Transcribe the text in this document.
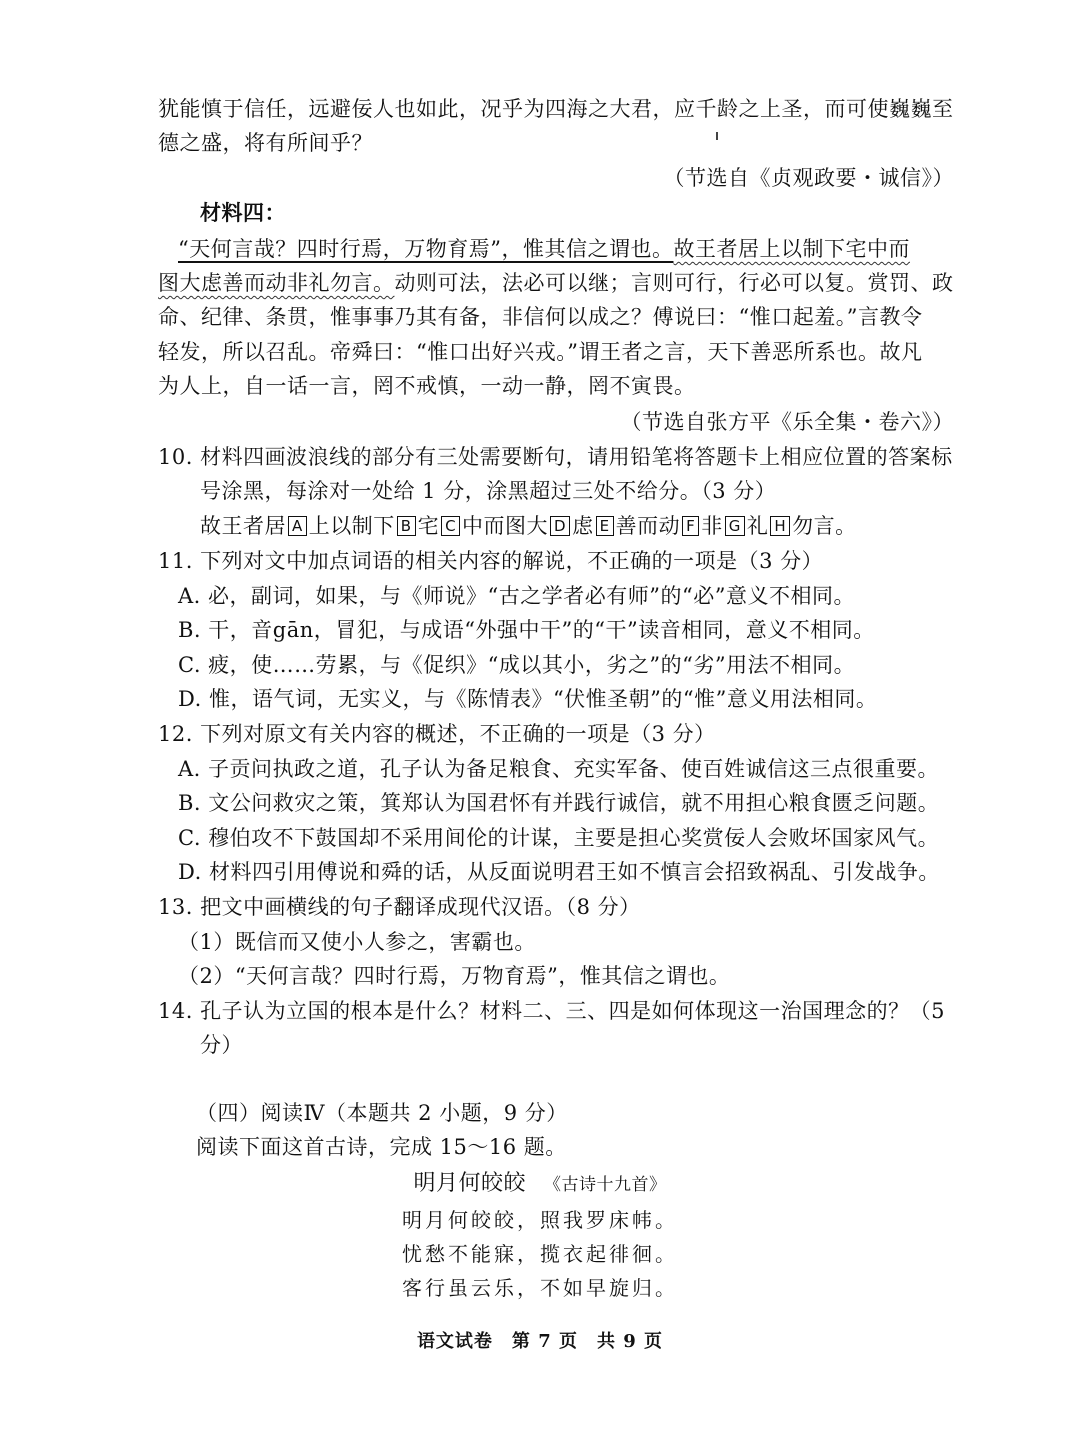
犹能慎于信任，远避佞人也如此，况乎为四海之大君，应千龄之上圣，而可使巍巍至
德之盛，将有所间乎？
（节选自《贞观政要・诚信》）
材料四：
“天何言哉？四时行焉，万物育焉”，惟其信之谓也。故王者居上以制下宅中而
图大虑善而动非礼勿言。动则可法，法必可以继；言则可行，行必可以复。赏罚、政
命、纪律、条贯，惟事事乃其有备，非信何以成之？傅说曰：“惟口起羞。”言教令
轻发，所以召乱。帝舜曰：“惟口出好兴戎。”谓王者之言，天下善恶所系也。故凡
为人上，自一话一言，罔不戒慎，一动一静，罔不寅畏。
（节选自张方平《乐全集・卷六》）
10. 材料四画波浪线的部分有三处需要断句，请用铅笔将答题卡上相应位置的答案标
号涂黑，每涂对一处给 1 分，涂黑超过三处不给分。（3 分）
故王者居 A 上以制下 B 宅 C 中而图大 D 虑 E 善而动 F 非 G 礼 H 勿言。
11. 下列对文中加点词语的相关内容的解说，不正确的一项是（3 分）
A. 必，副词，如果，与《师说》“古之学者必有师”的“必”意义不相同。
B. 干，音gān，冒犯，与成语“外强中干”的“干”读音相同，意义不相同。
C. 疲，使……劳累，与《促织》“成以其小，劣之”的“劣”用法不相同。
D. 惟，语气词，无实义，与《陈情表》“伏惟圣朝”的“惟”意义用法相同。
12. 下列对原文有关内容的概述，不正确的一项是（3 分）
A. 子贡问执政之道，孔子认为备足粮食、充实军备、使百姓诚信这三点很重要。
B. 文公问救灾之策，箕郑认为国君怀有并践行诚信，就不用担心粮食匮乏问题。
C. 穆伯攻不下鼓国却不采用间伦的计谋，主要是担心奖赏佞人会败坏国家风气。
D. 材料四引用傅说和舜的话，从反面说明君王如不慎言会招致祸乱、引发战争。
13. 把文中画横线的句子翻译成现代汉语。（8 分）
（1）既信而又使小人参之，害霸也。
（2）“天何言哉？四时行焉，万物育焉”，惟其信之谓也。
14. 孔子认为立国的根本是什么？材料二、三、四是如何体现这一治国理念的？（5
分）
（四）阅读Ⅳ（本题共 2 小题，9 分）
阅读下面这首古诗，完成 15～16 题。
明月何皎皎 《古诗十九首》
明月何皎皎，照我罗床帏。
忧愁不能寐，揽衣起徘徊。
客行虽云乐，不如早旋归。
语文试卷　第 7 页　共 9 页
